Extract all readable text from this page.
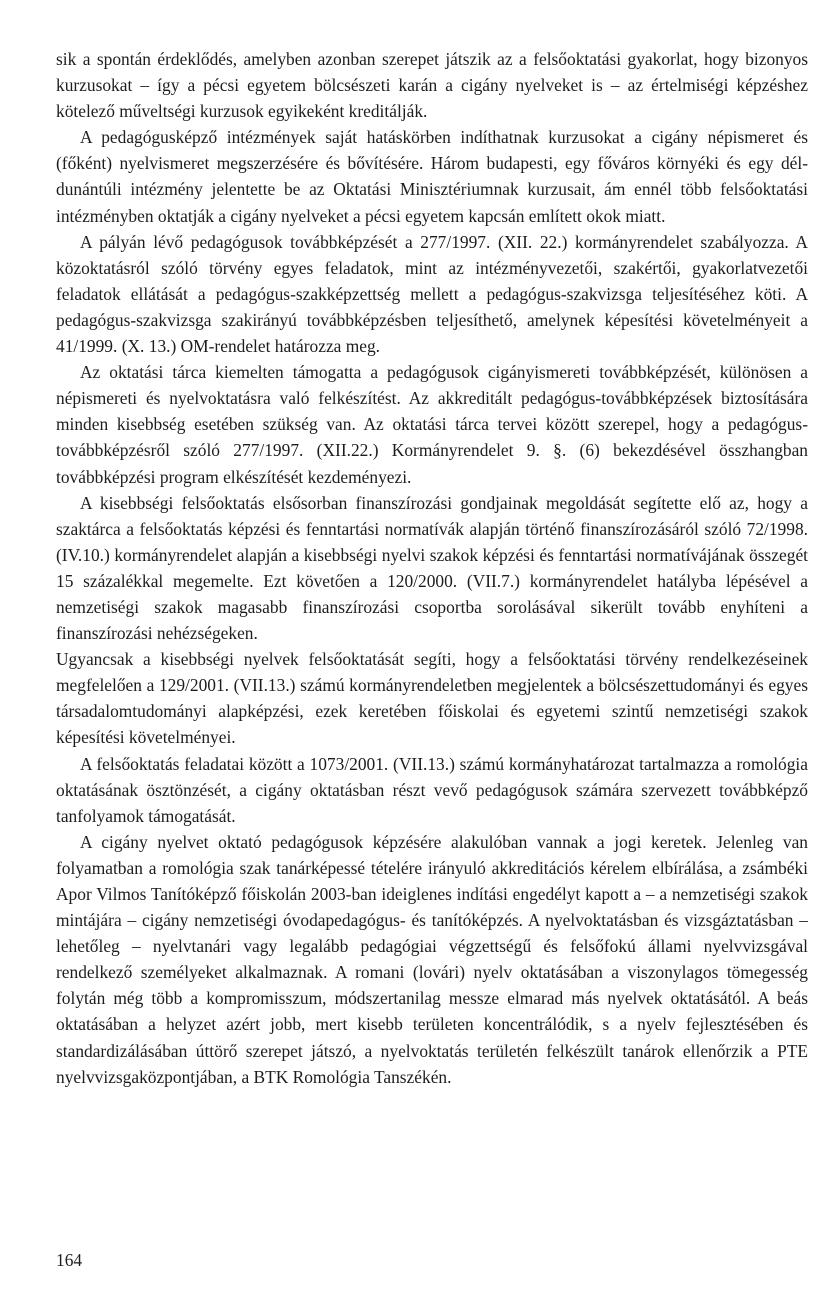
sik a spontán érdeklődés, amelyben azonban szerepet játszik az a felsőoktatási gyakorlat, hogy bizonyos kurzusokat – így a pécsi egyetem bölcsészeti karán a cigány nyelveket is – az értelmiségi képzéshez kötelező műveltségi kurzusok egyikeként kreditálják.

A pedagógusképző intézmények saját hatáskörben indíthatnak kurzusokat a cigány népismeret és (főként) nyelvismeret megszerzésére és bővítésére. Három budapesti, egy főváros környéki és egy dél-dunántúli intézmény jelentette be az Oktatási Minisztériumnak kurzusait, ám ennél több felsőoktatási intézményben oktatják a cigány nyelveket a pécsi egyetem kapcsán említett okok miatt.

A pályán lévő pedagógusok továbbképzését a 277/1997. (XII. 22.) kormányrendelet szabályozza. A közoktatásról szóló törvény egyes feladatok, mint az intézményvezetői, szakértői, gyakorlatvezetői feladatok ellátását a pedagógus-szakképzettség mellett a pedagógus-szakvizsga teljesítéséhez köti. A pedagógus-szakvizsga szakirányú továbbképzésben teljesíthető, amelynek képesítési követelményeit a 41/1999. (X. 13.) OM-rendelet határozza meg.

Az oktatási tárca kiemelten támogatta a pedagógusok cigányismereti továbbképzését, különösen a népismereti és nyelvoktatásra való felkészítést. Az akkreditált pedagógus-továbbképzések biztosítására minden kisebbség esetében szükség van. Az oktatási tárca tervei között szerepel, hogy a pedagógus-továbbképzésről szóló 277/1997. (XII.22.) Kormányrendelet 9. §. (6) bekezdésével összhangban továbbképzési program elkészítését kezdeményezi.

A kisebbségi felsőoktatás elsősorban finanszírozási gondjainak megoldását segítette elő az, hogy a szaktárca a felsőoktatás képzési és fenntartási normatívák alapján történő finanszírozásáról szóló 72/1998. (IV.10.) kormányrendelet alapján a kisebbségi nyelvi szakok képzési és fenntartási normatívájának összegét 15 százalékkal megemelte. Ezt követően a 120/2000. (VII.7.) kormányrendelet hatályba lépésével a nemzetiségi szakok magasabb finanszírozási csoportba sorolásával sikerült tovább enyhíteni a finanszírozási nehézségeken.

Ugyancsak a kisebbségi nyelvek felsőoktatását segíti, hogy a felsőoktatási törvény rendelkezéseinek megfelelően a 129/2001. (VII.13.) számú kormányrendeletben megjelentek a bölcsészettudományi és egyes társadalomtudományi alapképzési, ezek keretében főiskolai és egyetemi szintű nemzetiségi szakok képesítési követelményei.

A felsőoktatás feladatai között a 1073/2001. (VII.13.) számú kormányhatározat tartalmazza a romológia oktatásának ösztönzését, a cigány oktatásban részt vevő pedagógusok számára szervezett továbbképző tanfolyamok támogatását.

A cigány nyelvet oktató pedagógusok képzésére alakulóban vannak a jogi keretek. Jelenleg van folyamatban a romológia szak tanárképessé tételére irányuló akkreditációs kérelem elbírálása, a zsámbéki Apor Vilmos Tanítóképző főiskolán 2003-ban ideiglenes indítási engedélyt kapott a – a nemzetiségi szakok mintájára – cigány nemzetiségi óvodapedagógus- és tanítóképzés. A nyelvoktatásban és vizsgáztatásban – lehetőleg – nyelvtanári vagy legalább pedagógiai végzettségű és felsőfokú állami nyelvvizsgával rendelkező személyeket alkalmaznak. A romani (lovári) nyelv oktatásában a viszonylagos tömegesség folytán még több a kompromisszum, módszertanilag messze elmarad más nyelvek oktatásától. A beás oktatásában a helyzet azért jobb, mert kisebb területen koncentrálódik, s a nyelv fejlesztésében és standardizálásában úttörő szerepet játszó, a nyelvoktatás területén felkészült tanárok ellenőrzik a PTE nyelvvizsgaközpontjában, a BTK Romológia Tanszékén.

164
